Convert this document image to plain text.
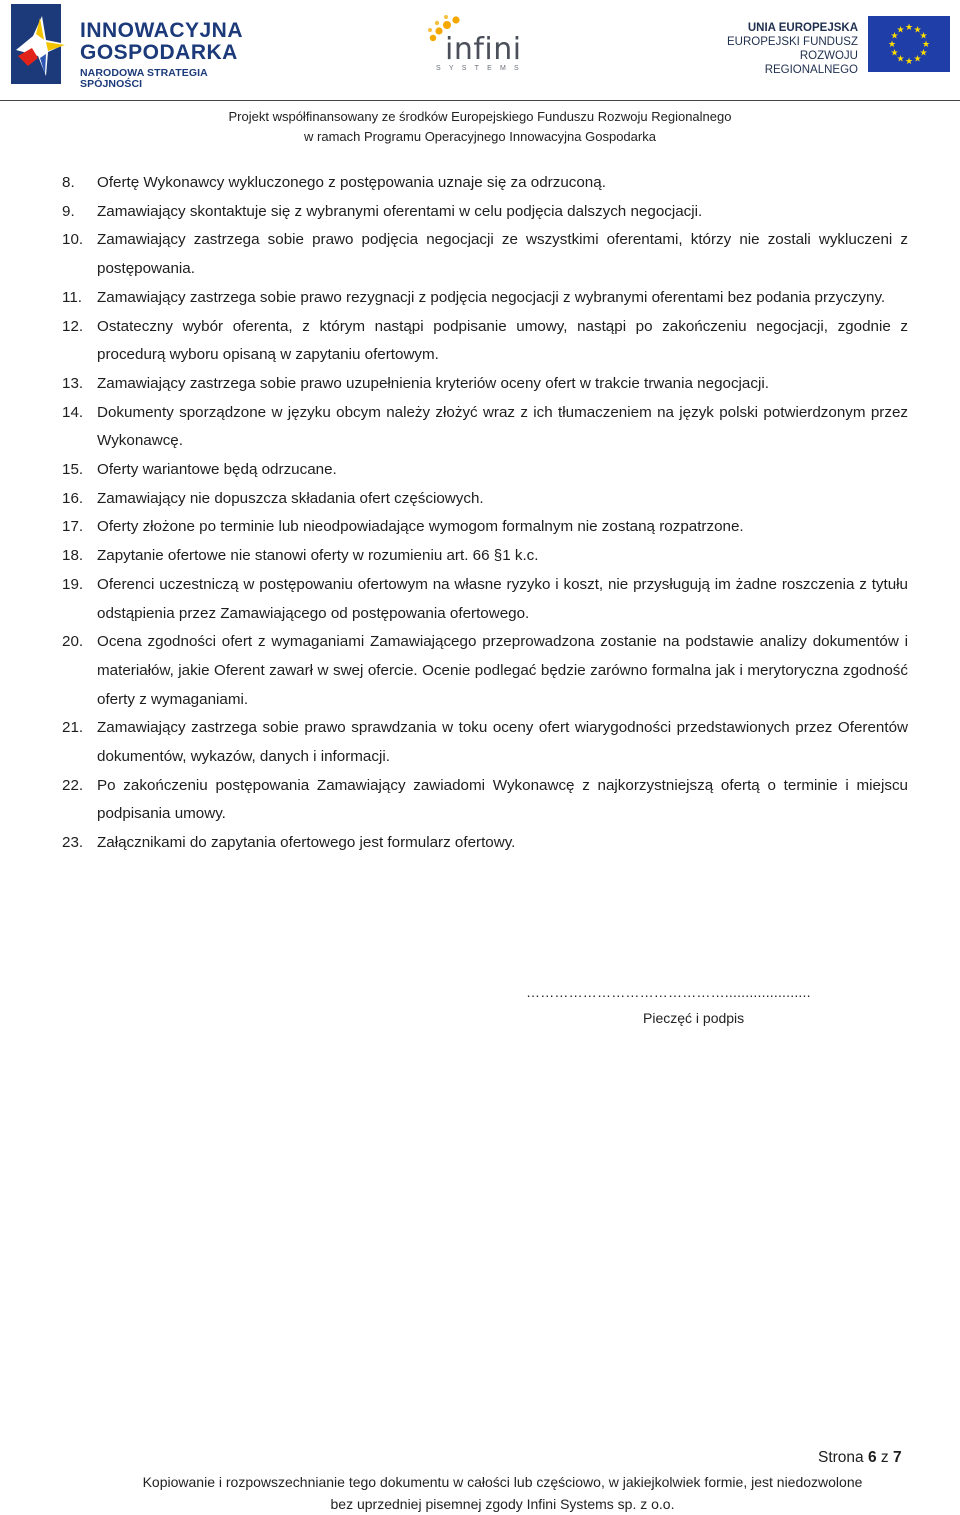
INNOWACYJNA
GOSPODARKA
NARODOWA STRATEGIA SPÓJNOŚCI
infini
SYSTEMS
UNIA EUROPEJSKA
EUROPEJSKI FUNDUSZ
ROZWOJU REGIONALNEGO
★ ★
★
★
★
★
★
★
★
★
★
★
Projekt współfinansowany ze środków Europejskiego Funduszu Rozwoju Regionalnego
w ramach Programu Operacyjnego Innowacyjna Gospodarka
8. Ofertę Wykonawcy wykluczonego z postępowania uznaje się za odrzuconą.
9. Zamawiający skontaktuje się z wybranymi oferentami w celu podjęcia dalszych negocjacji.
10. Zamawiający zastrzega sobie prawo podjęcia negocjacji ze wszystkimi oferentami, którzy nie zostali wykluczeni z postępowania.
11. Zamawiający zastrzega sobie prawo rezygnacji z podjęcia negocjacji z wybranymi oferentami bez podania przyczyny.
12. Ostateczny wybór oferenta, z którym nastąpi podpisanie umowy, nastąpi po zakończeniu negocjacji, zgodnie z procedurą wyboru opisaną w zapytaniu ofertowym.
13. Zamawiający zastrzega sobie prawo uzupełnienia kryteriów oceny ofert w trakcie trwania negocjacji.
14. Dokumenty sporządzone w języku obcym należy złożyć wraz z ich tłumaczeniem na język polski potwierdzonym przez Wykonawcę.
15. Oferty wariantowe będą odrzucane.
16. Zamawiający nie dopuszcza składania ofert częściowych.
17. Oferty złożone po terminie lub nieodpowiadające wymogom formalnym nie zostaną rozpatrzone.
18. Zapytanie ofertowe nie stanowi oferty w rozumieniu art. 66 §1 k.c.
19. Oferenci uczestniczą w postępowaniu ofertowym na własne ryzyko i koszt, nie przysługują im żadne roszczenia z tytułu odstąpienia przez Zamawiającego od postępowania ofertowego.
20. Ocena zgodności ofert z wymaganiami Zamawiającego przeprowadzona zostanie na podstawie analizy dokumentów i materiałów, jakie Oferent zawarł w swej ofercie. Ocenie podlegać będzie zarówno formalna jak i merytoryczna zgodność oferty z wymaganiami.
21. Zamawiający zastrzega sobie prawo sprawdzania w toku oceny ofert wiarygodności przedstawionych przez Oferentów dokumentów, wykazów, danych i informacji.
22. Po zakończeniu postępowania Zamawiający zawiadomi Wykonawcę z najkorzystniejszą ofertą o terminie i miejscu podpisania umowy.
23. Załącznikami do zapytania ofertowego jest formularz ofertowy.
…………………………………….....................
Pieczęć i podpis
Strona 6 z 7
Kopiowanie i rozpowszechnianie tego dokumentu w całości lub częściowo, w jakiejkolwiek formie, jest niedozwolone
bez uprzedniej pisemnej zgody Infini Systems sp. z o.o.
